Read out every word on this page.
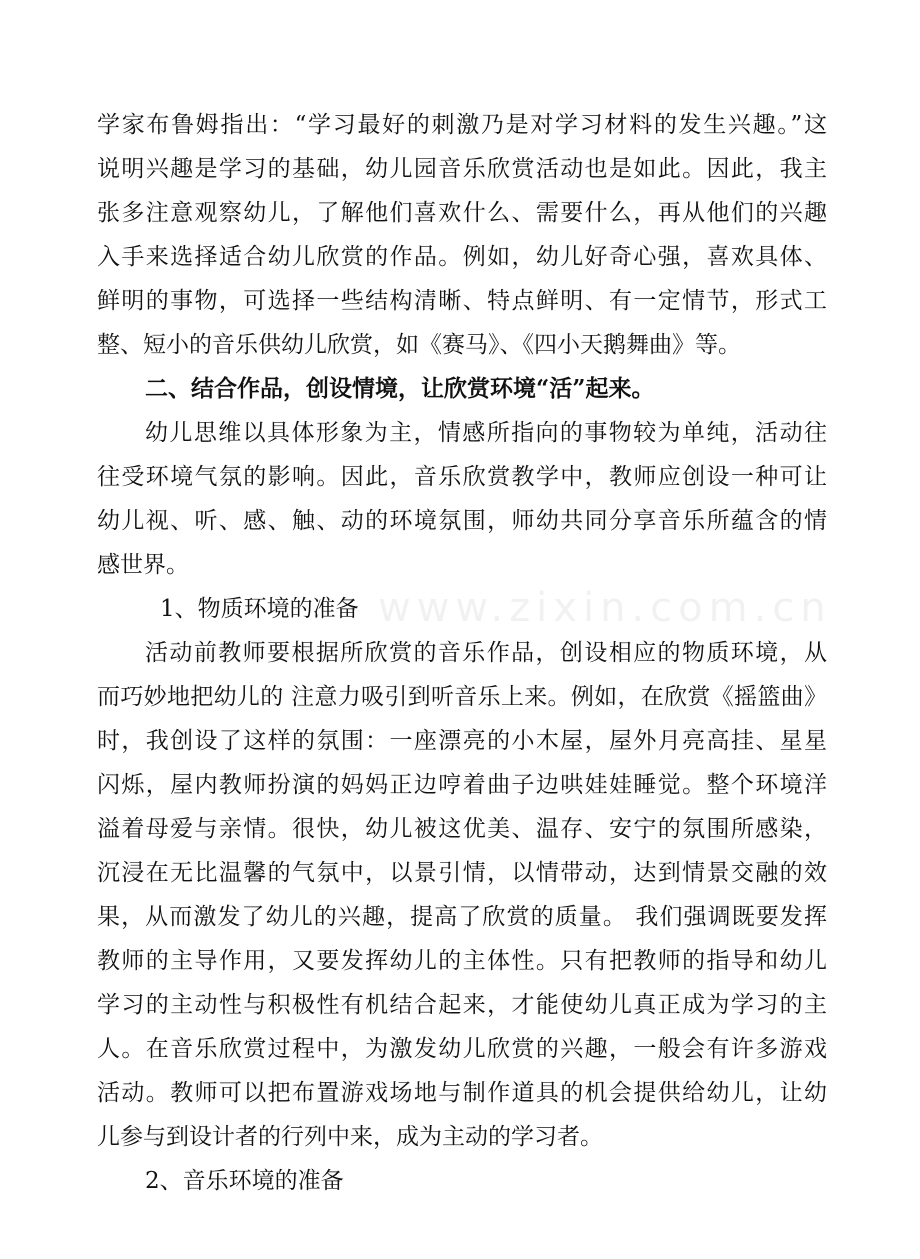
学家布鲁姆指出：“学习最好的刺激乃是对学习材料的发生兴趣。”这
说明兴趣是学习的基础，幼儿园音乐欣赏活动也是如此。因此，我主
张多注意观察幼儿，了解他们喜欢什么、需要什么，再从他们的兴趣
入手来选择适合幼儿欣赏的作品。例如，幼儿好奇心强，喜欢具体、
鲜明的事物，可选择一些结构清晰、特点鲜明、有一定情节，形式工
整、短小的音乐供幼儿欣赏，如《赛马》、《四小天鹅舞曲》等。
二、结合作品，创设情境，让欣赏环境“活”起来。
幼儿思维以具体形象为主，情感所指向的事物较为单纯，活动往
往受环境气氛的影响。因此，音乐欣赏教学中，教师应创设一种可让
幼儿视、听、感、触、动的环境氛围，师幼共同分享音乐所蕴含的情
感世界。
1、物质环境的准备
活动前教师要根据所欣赏的音乐作品，创设相应的物质环境，从
而巧妙地把幼儿的 注意力吸引到听音乐上来。例如，在欣赏《摇篮曲》
时，我创设了这样的氛围：一座漂亮的小木屋，屋外月亮高挂、星星
闪烁，屋内教师扮演的妈妈正边哼着曲子边哄娃娃睡觉。整个环境洋
溢着母爱与亲情。很快，幼儿被这优美、温存、安宁的氛围所感染，
沉浸在无比温馨的气氛中，以景引情，以情带动，达到情景交融的效
果，从而激发了幼儿的兴趣，提高了欣赏的质量。 我们强调既要发挥
教师的主导作用，又要发挥幼儿的主体性。只有把教师的指导和幼儿
学习的主动性与积极性有机结合起来，才能使幼儿真正成为学习的主
人。在音乐欣赏过程中，为激发幼儿欣赏的兴趣，一般会有许多游戏
活动。教师可以把布置游戏场地与制作道具的机会提供给幼儿，让幼
儿参与到设计者的行列中来，成为主动的学习者。
2、音乐环境的准备
www.zixin.com.cn
